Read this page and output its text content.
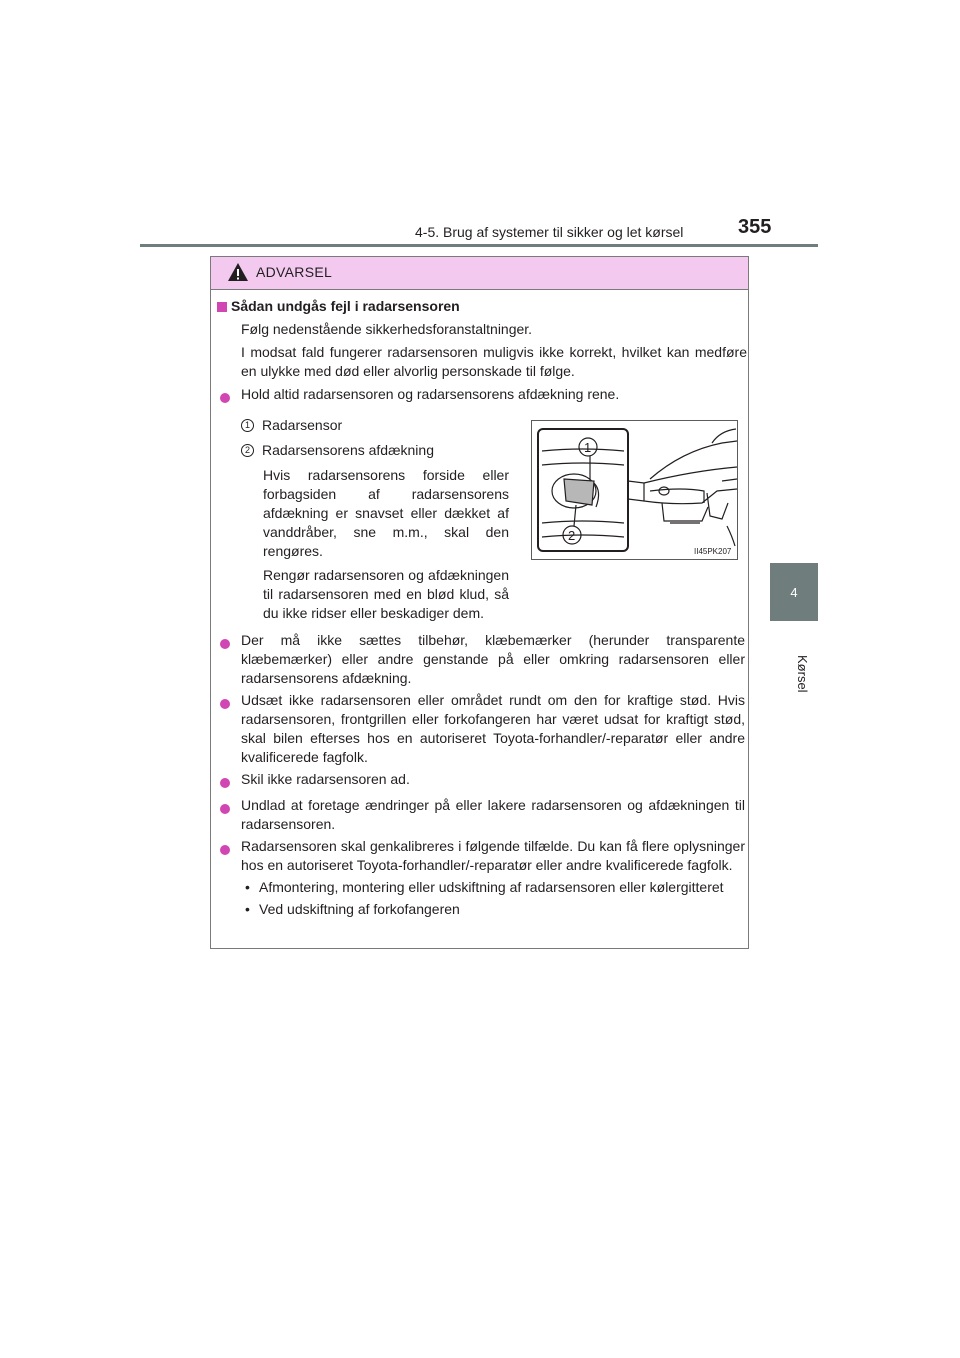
4-5. Brug af systemer til sikker og let kørsel	355
4
Kørsel
ADVARSEL
Sådan undgås fejl i radarsensoren
Følg nedenstående sikkerhedsforanstaltninger.
I modsat fald fungerer radarsensoren muligvis ikke korrekt, hvilket kan medføre en ulykke med død eller alvorlig personskade til følge.
Hold altid radarsensoren og radarsensorens afdækning rene.
1 Radarsensor
2 Radarsensorens afdækning
Hvis radarsensorens forside eller forbagsiden af radarsensorens afdækning er snavset eller dækket af vanddråber, sne m.m., skal den rengøres.
Rengør radarsensoren og afdækningen til radarsensoren med en blød klud, så du ikke ridser eller beskadiger dem.
1
2
II45PK207
Der må ikke sættes tilbehør, klæbemærker (herunder transparente klæbemærker) eller andre genstande på eller omkring radarsensoren eller radarsensorens afdækning.
Udsæt ikke radarsensoren eller området rundt om den for kraftige stød. Hvis radarsensoren, frontgrillen eller forkofangeren har været udsat for kraftigt stød, skal bilen efterses hos en autoriseret Toyota-forhandler/-reparatør eller andre kvalificerede fagfolk.
Skil ikke radarsensoren ad.
Undlad at foretage ændringer på eller lakere radarsensoren og afdækningen til radarsensoren.
Radarsensoren skal genkalibreres i følgende tilfælde. Du kan få flere oplysninger hos en autoriseret Toyota-forhandler/-reparatør eller andre kvalificerede fagfolk.
• Afmontering, montering eller udskiftning af radarsensoren eller kølergitteret
• Ved udskiftning af forkofangeren
